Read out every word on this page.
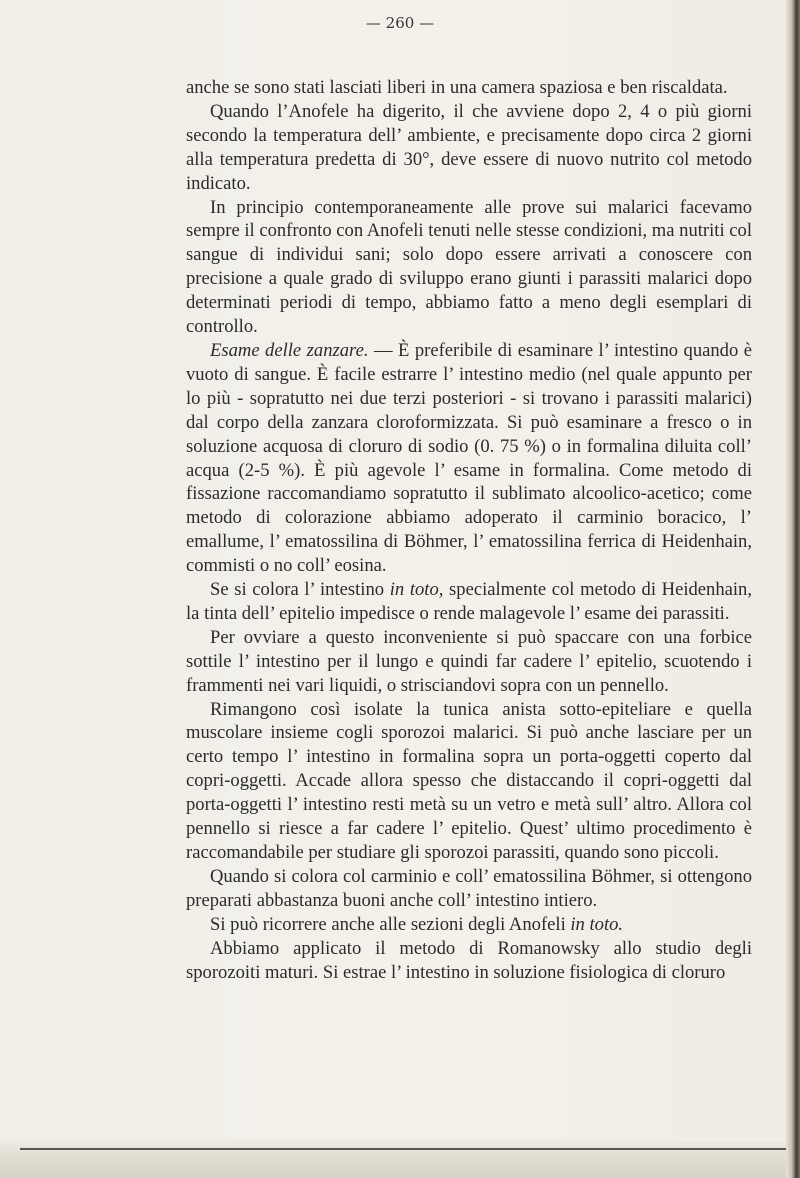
— 260 —

anche se sono stati lasciati liberi in una camera spaziosa e ben riscaldata.

Quando l’Anofele ha digerito, il che avviene dopo 2, 4 o più giorni secondo la temperatura dell’ ambiente, e precisamente dopo circa 2 giorni alla temperatura predetta di 30°, deve essere di nuovo nutrito col metodo indicato.

In principio contemporaneamente alle prove sui malarici facevamo sempre il confronto con Anofeli tenuti nelle stesse condizioni, ma nutriti col sangue di individui sani; solo dopo essere arrivati a conoscere con precisione a quale grado di sviluppo erano giunti i parassiti malarici dopo determinati periodi di tempo, abbiamo fatto a meno degli esemplari di controllo.

Esame delle zanzare. — È preferibile di esaminare l’ intestino quando è vuoto di sangue. È facile estrarre l’ intestino medio (nel quale appunto per lo più - sopratutto nei due terzi posteriori - si trovano i parassiti malarici) dal corpo della zanzara cloroformizzata. Si può esaminare a fresco o in soluzione acquosa di cloruro di sodio (0. 75 %) o in formalina diluita coll’ acqua (2-5 %). È più agevole l’ esame in formalina. Come metodo di fissazione raccomandiamo sopratutto il sublimato alcoolico-acetico; come metodo di colorazione abbiamo adoperato il carminio boracico, l’ emallume, l’ ematossilina di Böhmer, l’ ematossilina ferrica di Heidenhain, commisti o no coll’ eosina.

Se si colora l’ intestino in toto, specialmente col metodo di Heidenhain, la tinta dell’ epitelio impedisce o rende malagevole l’ esame dei parassiti.

Per ovviare a questo inconveniente si può spaccare con una forbice sottile l’ intestino per il lungo e quindi far cadere l’ epitelio, scuotendo i frammenti nei vari liquidi, o strisciandovi sopra con un pennello.

Rimangono così isolate la tunica anista sotto-epiteliare e quella muscolare insieme cogli sporozoi malarici. Si può anche lasciare per un certo tempo l’ intestino in formalina sopra un porta-oggetti coperto dal copri-oggetti. Accade allora spesso che distaccando il copri-oggetti dal porta-oggetti l’ intestino resti metà su un vetro e metà sull’ altro. Allora col pennello si riesce a far cadere l’ epitelio. Quest’ ultimo procedimento è raccomandabile per studiare gli sporozoi parassiti, quando sono piccoli.

Quando si colora col carminio e coll’ ematossilina Böhmer, si ottengono preparati abbastanza buoni anche coll’ intestino intiero.

Si può ricorrere anche alle sezioni degli Anofeli in toto.

Abbiamo applicato il metodo di Romanowsky allo studio degli sporozoiti maturi. Si estrae l’ intestino in soluzione fisiologica di cloruro
